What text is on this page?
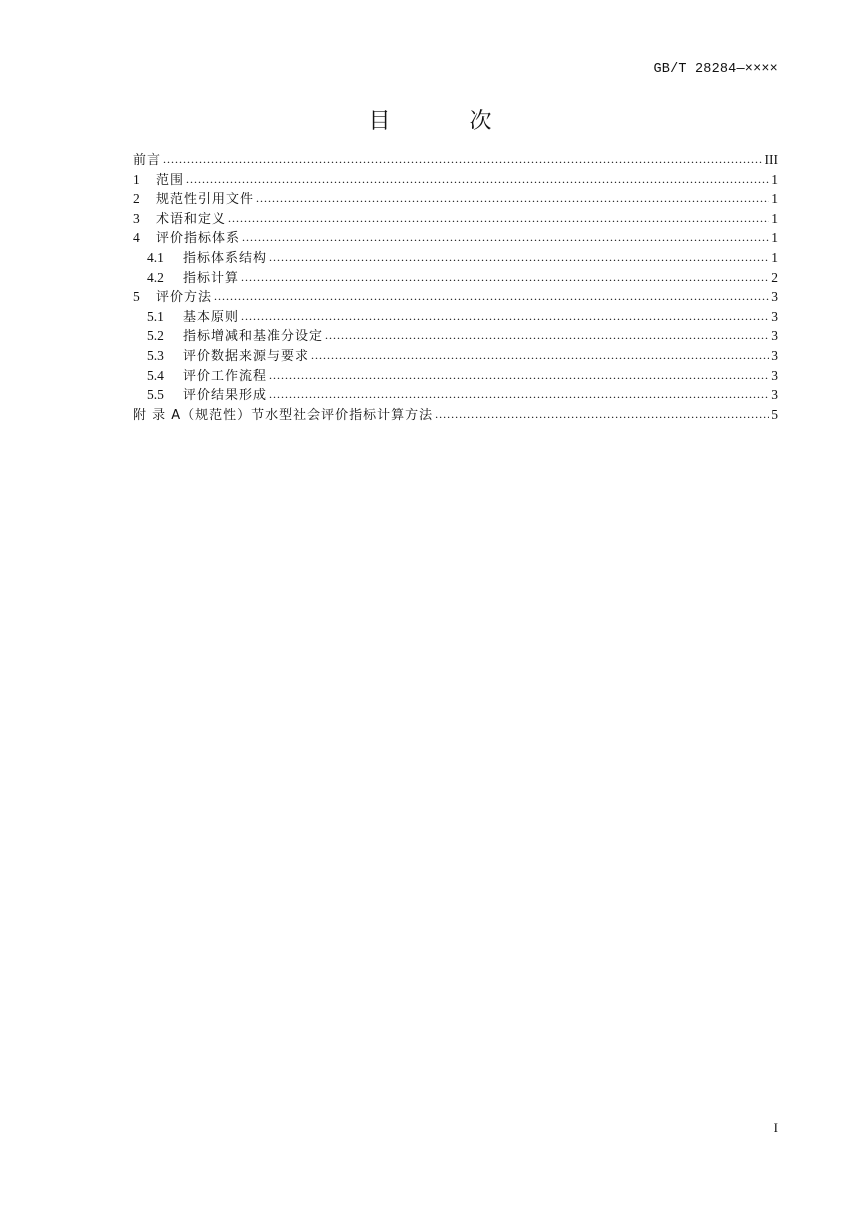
GB/T 28284—××××
目 次
前言 .....	III
1	范围 .....	1
2	规范性引用文件 .....	1
3	术语和定义 .....	1
4	评价指标体系 .....	1
4.1	指标体系结构 .....	1
4.2	指标计算 .....	2
5	评价方法 .....	3
5.1	基本原则 .....	3
5.2	指标增减和基准分设定 .....	3
5.3	评价数据来源与要求 .....	3
5.4	评价工作流程 .....	3
5.5	评价结果形成 .....	3
附 录 A（规范性）节水型社会评价指标计算方法 .....	5
I
